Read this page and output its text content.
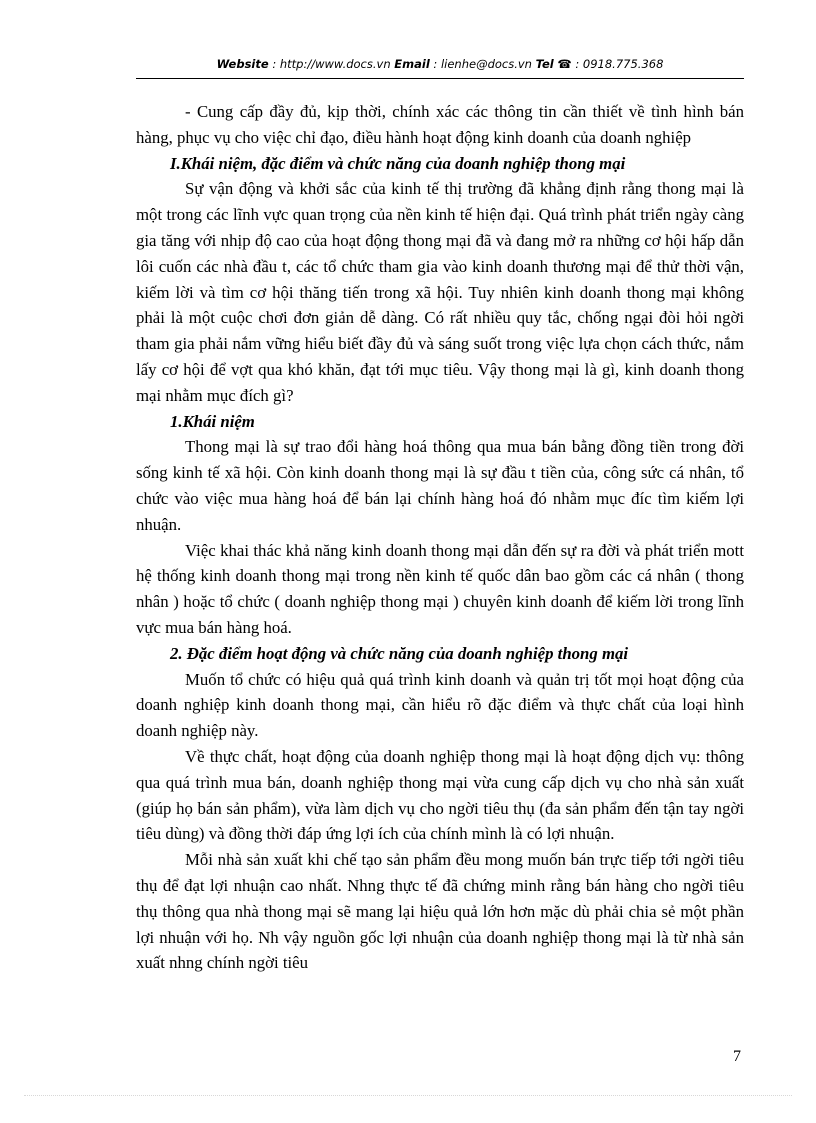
Website : http://www.docs.vn Email : lienhe@docs.vn Tel ☎ : 0918.775.368

- Cung cấp đầy đủ, kịp thời, chính xác các thông tin cần thiết về tình hình bán hàng, phục vụ cho việc chỉ đạo, điều hành hoạt động kinh doanh của doanh nghiệp

I.Khái niệm, đặc điểm và chức năng của doanh nghiệp thong mại

Sự vận động và khởi sắc của kinh tế thị trường đã khẳng định rằng thong mại là một trong các lĩnh vực quan trọng của nền kinh tế hiện đại. Quá trình phát triển ngày càng gia tăng với nhịp độ cao của hoạt động thong mại đã và đang mở ra những cơ hội hấp dẫn lôi cuốn các nhà đầu t, các tổ chức tham gia vào kinh doanh thương mại để thử thời vận, kiếm lời và tìm cơ hội thăng tiến trong xã hội. Tuy nhiên kinh doanh thong mại không phải là một cuộc chơi đơn giản dễ dàng. Có rất nhiều quy tắc, chống ngại đòi hỏi ngời tham gia phải nắm vững hiểu biết đầy đủ và sáng suốt trong việc lựa chọn cách thức, nắm lấy cơ hội để vợt qua khó khăn, đạt tới mục tiêu. Vậy thong mại là gì, kinh doanh thong mại nhằm mục đích gì?

1.Khái niệm

Thong mại là sự trao đổi hàng hoá thông qua mua bán bằng đồng tiền trong đời sống kinh tế xã hội. Còn kinh doanh thong mại là sự đầu t tiền của, công sức cá nhân, tổ chức vào việc mua hàng hoá để bán lại chính hàng hoá đó nhằm mục đíc tìm kiếm lợi nhuận.

Việc khai thác khả năng kinh doanh thong mại dẫn đến sự ra đời và phát triển mott hệ thống kinh doanh thong mại trong nền kinh tế quốc dân bao gồm các cá nhân ( thong nhân ) hoặc tổ chức ( doanh nghiệp thong mại ) chuyên kinh doanh để kiếm lời trong lĩnh vực mua bán hàng hoá.

2. Đặc điểm hoạt động và chức năng của doanh nghiệp thong mại

Muốn tổ chức có hiệu quả quá trình kinh doanh và quản trị tốt mọi hoạt động của doanh nghiệp kinh doanh thong mại, cần hiểu rõ đặc điểm và thực chất của loại hình doanh nghiệp này.

Về thực chất, hoạt động của doanh nghiệp thong mại là hoạt động dịch vụ: thông qua quá trình mua bán, doanh nghiệp thong mại vừa cung cấp dịch vụ cho nhà sản xuất (giúp họ bán sản phẩm), vừa làm dịch vụ cho ngời tiêu thụ (đa sản phẩm đến tận tay ngời tiêu dùng) và đồng thời đáp ứng lợi ích của chính mình là có lợi nhuận.

Mỗi nhà sản xuất khi chế tạo sản phẩm đều mong muốn bán trực tiếp tới ngời tiêu thụ để đạt lợi nhuận cao nhất. Nhng thực tế đã chứng minh rằng bán hàng cho ngời tiêu thụ thông qua nhà thong mại sẽ mang lại hiệu quả lớn hơn mặc dù phải chia sẻ một phần lợi nhuận với họ. Nh vậy nguồn gốc lợi nhuận của doanh nghiệp thong mại là từ nhà sản xuất nhng chính ngời tiêu

7
